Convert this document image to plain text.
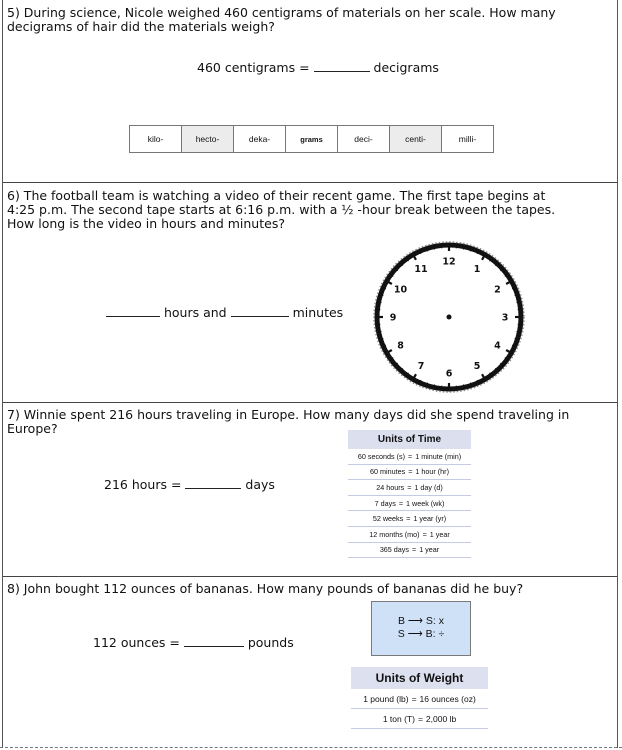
5) During science, Nicole weighed 460 centigrams of materials on her scale. How many decigrams of hair did the materials weigh?
460 centigrams =	decigrams
kilo-	hecto-	deka-	grams	deci-	centi-	milli-
6) The football team is watching a video of their recent game. The first tape begins at 4:25 p.m. The second tape starts at 6:16 p.m. with a ½ -hour break between the tapes. How long is the video in hours and minutes?
hours and	minutes
12
1
2
3
4
5
6
7
8
9
10
11
7) Winnie spent 216 hours traveling in Europe. How many days did she spend traveling in Europe?
216 hours =	days
Units of Time
60 seconds (s) = 1 minute (min)
60 minutes = 1 hour (hr)
24 hours = 1 day (d)
7 days = 1 week (wk)
52 weeks = 1 year (yr)
12 months (mo) = 1 year
365 days = 1 year
8) John bought 112 ounces of bananas. How many pounds of bananas did he buy?
112 ounces =	pounds
B ⟶ S: x
S ⟶ B: ÷
Units of Weight
1 pound (lb) = 16 ounces (oz)
1 ton (T) = 2,000 lb
